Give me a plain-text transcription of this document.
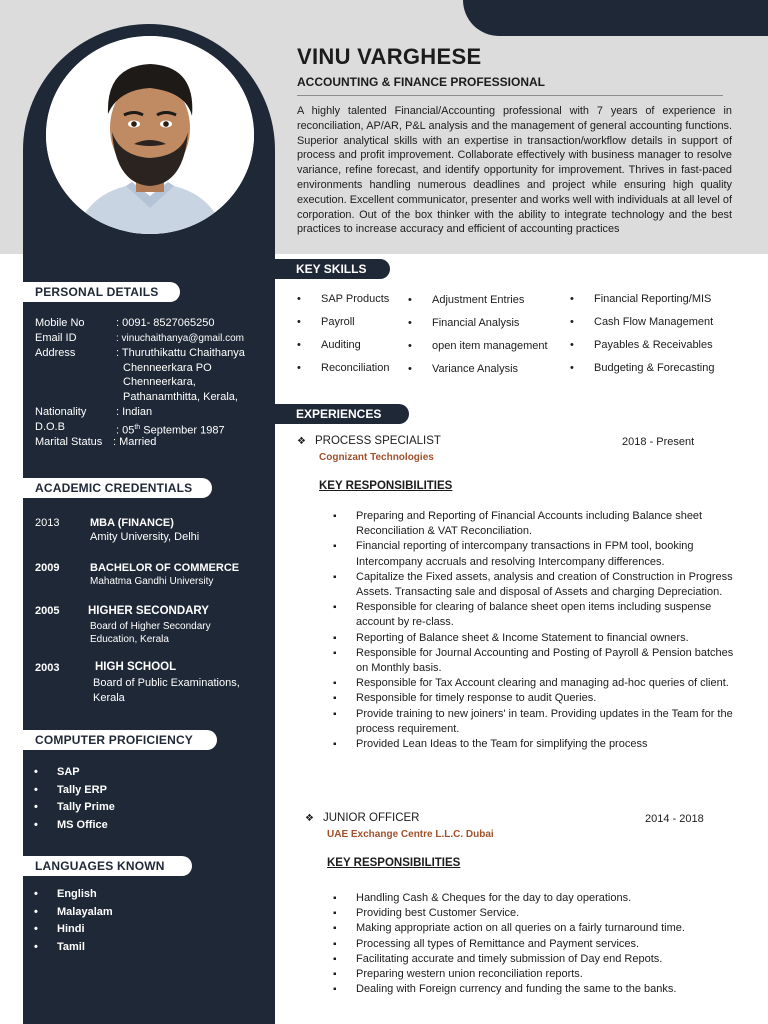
PERSONAL DETAILS
Mobile No	: 0091- 8527065250
Email ID	: vinuchaithanya@gmail.com
Address	: Thuruthikattu Chaithanya
Chenneerkara PO
Chenneerkara,
Pathanamthitta, Kerala,
Nationality	: Indian
D.O.B	: 05th September 1987
Marital Status : Married
ACADEMIC CREDENTIALS
2013	MBA (FINANCE)
Amity University, Delhi
2009	BACHELOR OF COMMERCE
Mahatma Gandhi University
2005 HIGHER SECONDARY
Board of Higher Secondary
Education, Kerala
2003	HIGH SCHOOL
Board of Public Examinations,
Kerala
COMPUTER PROFICIENCY
• SAP
• Tally ERP
• Tally Prime
• MS Office
LANGUAGES KNOWN
• English
• Malayalam
• Hindi
• Tamil
VINU VARGHESE
ACCOUNTING & FINANCE PROFESSIONAL
A highly talented Financial/Accounting professional with 7 years of experience in reconciliation, AP/AR, P&L analysis and the management of general accounting functions. Superior analytical skills with an expertise in transaction/workflow details in support of process and profit improvement. Collaborate effectively with business manager to resolve variance, refine forecast, and identify opportunity for improvement. Thrives in fast-paced environments handling numerous deadlines and project while ensuring high quality execution. Excellent communicator, presenter and works well with individuals at all level of corporation. Out of the box thinker with the ability to integrate technology and the best practices to increase accuracy and efficient of accounting practices
KEY SKILLS
• SAP Products
• Payroll
• Auditing
• Reconciliation
• Adjustment Entries
• Financial Analysis
• open item management
• Variance Analysis
• Financial Reporting/MIS
• Cash Flow Management
• Payables & Receivables
• Budgeting & Forecasting
EXPERIENCES
❖ PROCESS SPECIALIST	2018 - Present
Cognizant Technologies
KEY RESPONSIBILITIES
▪ Preparing and Reporting of Financial Accounts including Balance sheet Reconciliation & VAT Reconciliation.
▪ Financial reporting of intercompany transactions in FPM tool, booking Intercompany accruals and resolving Intercompany differences.
▪ Capitalize the Fixed assets, analysis and creation of Construction in Progress Assets. Transacting sale and disposal of Assets and charging Depreciation.
▪ Responsible for clearing of balance sheet open items including suspense account by re-class.
▪ Reporting of Balance sheet & Income Statement to financial owners.
▪ Responsible for Journal Accounting and Posting of Payroll & Pension batches on Monthly basis.
▪ Responsible for Tax Account clearing and managing ad-hoc queries of client.
▪ Responsible for timely response to audit Queries.
▪ Provide training to new joiners' in team. Providing updates in the Team for the process requirement.
▪ Provided Lean Ideas to the Team for simplifying the process
❖ JUNIOR OFFICER	2014 - 2018
UAE Exchange Centre L.L.C. Dubai
KEY RESPONSIBILITIES
▪ Handling Cash & Cheques for the day to day operations.
▪ Providing best Customer Service.
▪ Making appropriate action on all queries on a fairly turnaround time.
▪ Processing all types of Remittance and Payment services.
▪ Facilitating accurate and timely submission of Day end Repots.
▪ Preparing western union reconciliation reports.
▪ Dealing with Foreign currency and funding the same to the banks.
